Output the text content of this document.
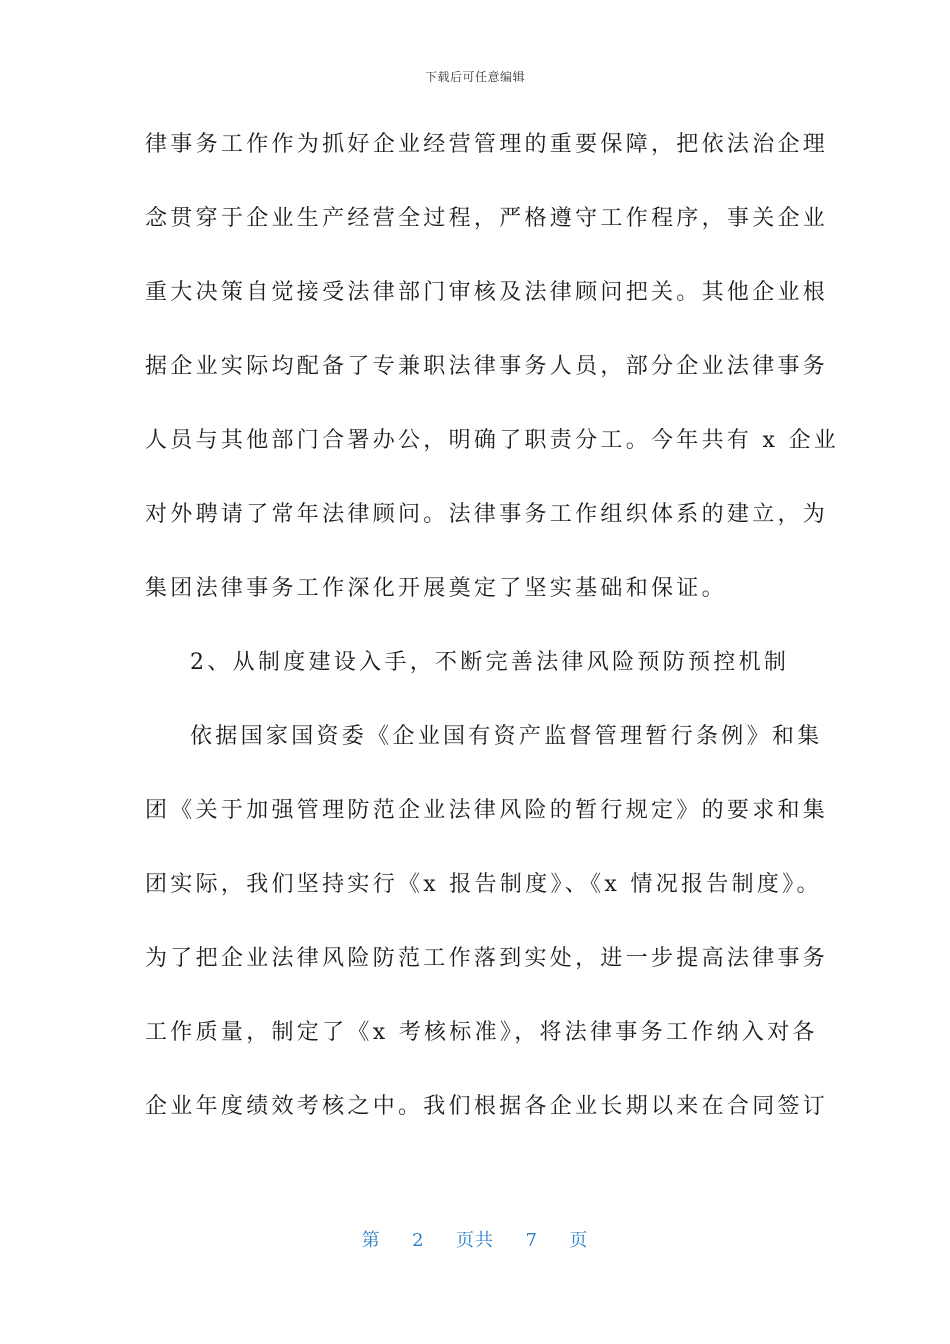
下载后可任意编辑
律事务工作作为抓好企业经营管理的重要保障，把依法治企理
念贯穿于企业生产经营全过程，严格遵守工作程序，事关企业
重大决策自觉接受法律部门审核及法律顾问把关。其他企业根
据企业实际均配备了专兼职法律事务人员，部分企业法律事务
人员与其他部门合署办公，明确了职责分工。今年共有 x 企业
对外聘请了常年法律顾问。法律事务工作组织体系的建立，为
集团法律事务工作深化开展奠定了坚实基础和保证。
2、从制度建设入手，不断完善法律风险预防预控机制
依据国家国资委《企业国有资产监督管理暂行条例》和集
团《关于加强管理防范企业法律风险的暂行规定》的要求和集
团实际，我们坚持实行《x 报告制度》、《x 情况报告制度》。
为了把企业法律风险防范工作落到实处，进一步提高法律事务
工作质量，制定了《x 考核标准》，将法律事务工作纳入对各
企业年度绩效考核之中。我们根据各企业长期以来在合同签订
第 2 页共 7 页
